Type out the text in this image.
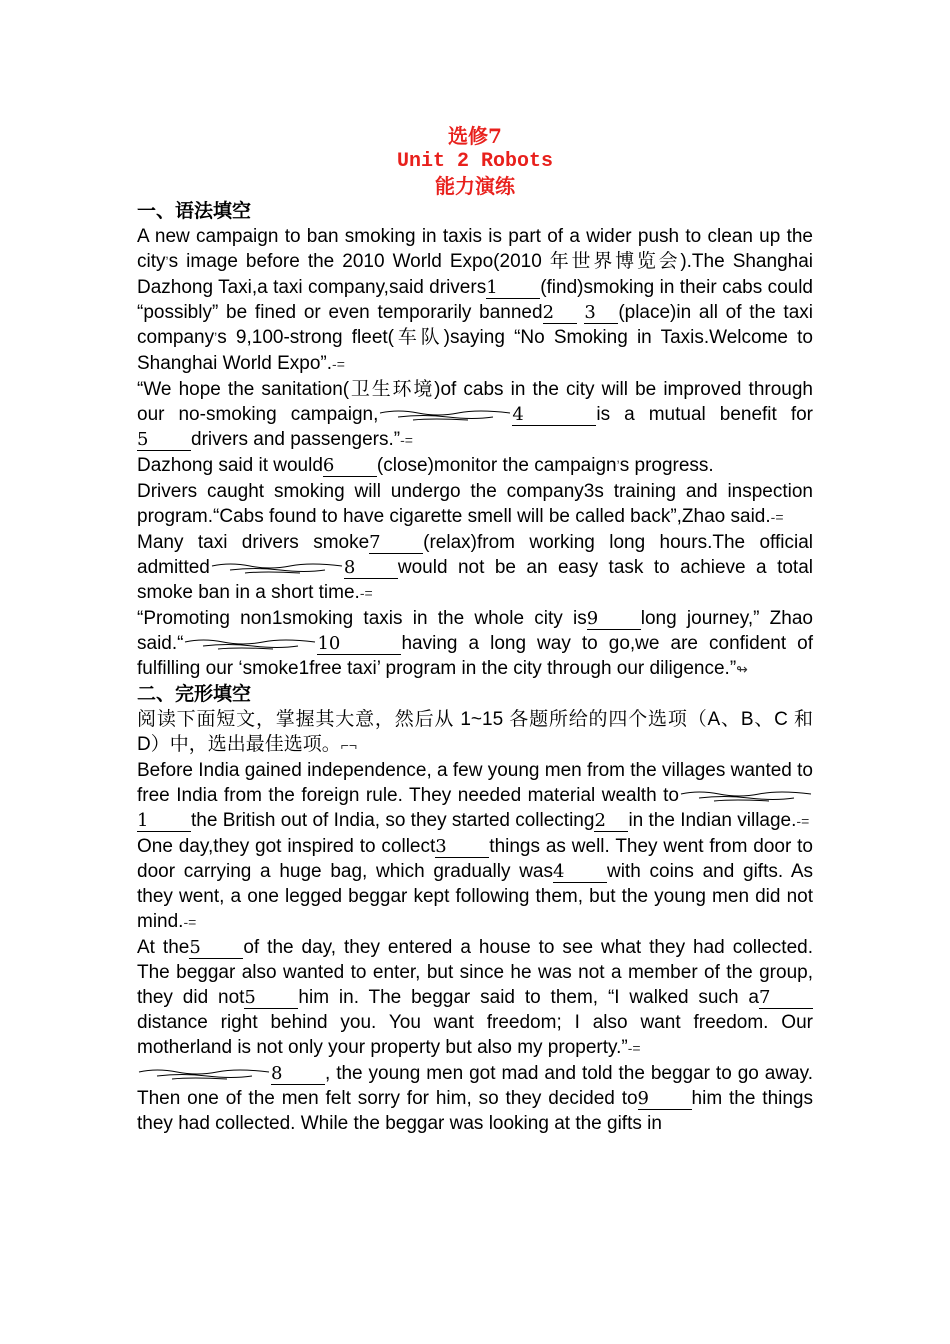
选修7
Unit 2 Robots
能力演练
一、语法填空

A new campaign to ban smoking in taxis is part of a wider push to clean up the cityʼs image before the 2010 World Expo(2010 年世界博览会).The Shanghai Dazhong Taxi,a taxi company,said drivers1 (find)smoking in their cabs could “possibly” be fined or even temporarily banned2 3 (place)in all of the taxi companyʼs 9,100-strong fleet(车队)saying “No Smoking in Taxis.Welcome to Shanghai World Expo”.-=

“We hope the sanitation(卫生环境)of cabs in the city will be improved through our no-smoking campaign,	4	is a mutual benefit for5 drivers and passengers.”-=

Dazhong said it would6 (close)monitor the campaignʼs progress.

Drivers caught smoking will undergo the company3s training and inspection program.“Cabs found to have cigarette smell will be called back”,Zhao said.-=

Many taxi drivers smoke7 (relax)from working long hours.The official admitted	8 would not be an easy task to achieve a total smoke ban in a short time.-=

“Promoting non1smoking taxis in the whole city is9 long journey,” Zhao said.“	10	having a long way to go,we are confident of fulfilling our ‘smoke1free taxi’ program in the city through our diligence.”↬

二、完形填空

阅读下面短文，掌握其大意，然后从 1~15 各题所给的四个选项（A、B、C 和 D）中，选出最佳选项。⌐¬

Before India gained independence, a few young men from the villages wanted to free India from the foreign rule. They needed material wealth to1 the British out of India, so they started collecting2 in the Indian village.-=

One day,they got inspired to collect3 things as well. They went from door to door carrying a huge bag, which gradually was4 with coins and gifts. As they went, a one legged beggar kept following them, but the young men did not mind.-=

At the5 of the day, they entered a house to see what they had collected. The beggar also wanted to enter, but since he was not a member of the group, they did not5 him in. The beggar said to them, “I walked such a7distance right behind you. You want freedom; I also want freedom. Our motherland is not only your property but also my property.”-=

8 , the young men got mad and told the beggar to go away. Then one of the men felt sorry for him, so they decided to9 him the things they had collected. While the beggar was looking at the gifts in
